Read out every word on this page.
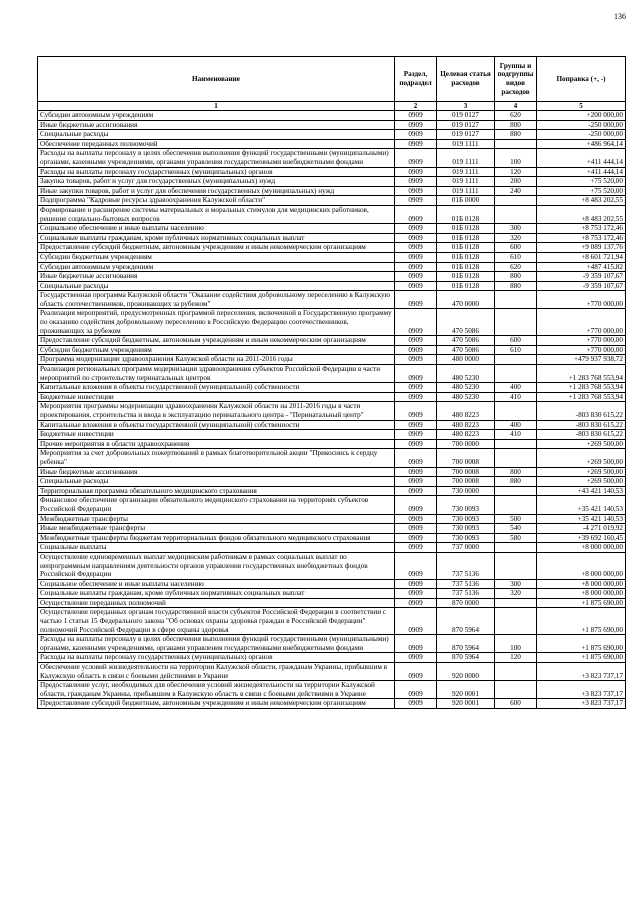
136
Наименование	Раздел, подраздел	Целевая статья расходов	Группы и подгруппы видов расходов	Поправка (+, -)
1	2	3	4	5
Субсидии автономным учреждениям	0909	019 0127	620	+200 000,00
Иные бюджетные ассигнования	0909	019 0127	800	-250 000,00
Специальные расходы	0909	019 0127	880	-250 000,00
Обеспечение переданных полномочий	0909	019 1111		+486 964,14
Расходы на выплаты персоналу в целях обеспечения выполнения функций государственными (муниципальными) органами, казенными учреждениями, органами управления государственными внебюджетными фондами	0909	019 1111	100	+411 444,14
Расходы на выплаты персоналу государственных (муниципальных) органов	0909	019 1111	120	+411 444,14
Закупка товаров, работ и услуг для государственных (муниципальных) нужд	0909	019 1111	200	+75 520,00
Иные закупки товаров, работ и услуг для обеспечения государственных (муниципальных) нужд	0909	019 1111	240	+75 520,00
Подпрограмма "Кадровые ресурсы здравоохранения Калужской области"	0909	01Б 0000		+8 483 202,55
Формирование и расширение системы материальных и моральных стимулов для медицинских работников, решение социально-бытовых вопросов	0909	01Б 0128		+8 483 202,55
Социальное обеспечение и иные выплаты населению	0909	01Б 0128	300	+8 753 172,46
Социальные выплаты гражданам, кроме публичных нормативных социальных выплат	0909	01Б 0128	320	+8 753 172,46
Предоставление субсидий бюджетным, автономным учреждениям и иным некоммерческим организациям	0909	01Б 0128	600	+9 089 137,76
Субсидии бюджетным учреждениям	0909	01Б 0128	610	+8 601 721,94
Субсидии автономным учреждениям	0909	01Б 0128	620	+487 415,82
Иные бюджетные ассигнования	0909	01Б 0128	800	-9 359 107,67
Специальные расходы	0909	01Б 0128	880	-9 359 107,67
Государственная программа Калужской области "Оказание содействия добровольному переселению в Калужскую область соотечественников, проживающих за рубежом"	0909	470 0000		+770 000,00
Реализация мероприятий, предусмотренных программой переселения, включенной в Государственную программу по оказанию содействия добровольному переселению в Российскую Федерацию соотечественников, проживающих за рубежом	0909	470 5086		+770 000,00
Предоставление субсидий бюджетным, автономным учреждениям и иным некоммерческим организациям	0909	470 5086	600	+770 000,00
Субсидии бюджетным учреждениям	0909	470 5086	610	+770 000,00
Программа модернизации здравоохранения Калужской области на 2011-2016 годы	0909	480 0000		+479 937 938,72
Реализация региональных программ модернизации здравоохранения субъектов Российской Федерации в части мероприятий по строительству перинатальных центров	0909	480 5230		+1 283 768 553,94
Капитальные вложения в объекты государственной (муниципальной) собственности	0909	480 5230	400	+1 283 768 553,94
Бюджетные инвестиции	0909	480 5230	410	+1 283 768 553,94
Мероприятия программы модернизации здравоохранения Калужской области на 2011-2016 годы в части проектирования, строительства и ввода в эксплуатацию перинатального центра - "Перинатальный центр"	0909	480 8223		-803 830 615,22
Капитальные вложения в объекты государственной (муниципальной) собственности	0909	480 8223	400	-803 830 615,22
Бюджетные инвестиции	0909	480 8223	410	-803 830 615,22
Прочие мероприятия в области здравоохранения	0909	700 0000		+269 500,00
Мероприятия за счет добровольных пожертвований в рамках благотворительной акции "Прикоснись к сердцу ребенка"	0909	700 0008		+269 500,00
Иные бюджетные ассигнования	0909	700 0008	800	+269 500,00
Специальные расходы	0909	700 0008	880	+269 500,00
Территориальная программа обязательного медицинского страхования	0909	730 0000		+43 421 140,53
Финансовое обеспечение организации обязательного медицинского страхования на территориях субъектов Российской Федерации	0909	730 0093		+35 421 140,53
Межбюджетные трансферты	0909	730 0093	500	+35 421 140,53
Иные межбюджетные трансферты	0909	730 0093	540	-4 271 019,92
Межбюджетные трансферты бюджетам территориальных фондов обязательного медицинского страхования	0909	730 0093	580	+39 692 160,45
Социальные выплаты	0909	737 0000		+8 000 000,00
Осуществление единовременных выплат медицинским работникам в рамках социальных выплат по непрограммным направлениям деятельности органов управления государственных внебюджетных фондов Российской Федерации	0909	737 5136		+8 000 000,00
Социальное обеспечение и иные выплаты населению	0909	737 5136	300	+8 000 000,00
Социальные выплаты гражданам, кроме публичных нормативных социальных выплат	0909	737 5136	320	+8 000 000,00
Осуществление переданных полномочий	0909	870 0000		+1 875 690,00
Осуществление переданных органам государственной власти субъектов Российской Федерации в соответствии с частью 1 статьи 15 Федерального закона "Об основах охраны здоровья граждан в Российской Федерации" полномочий Российской Федерации в сфере охраны здоровья	0909	870 5964		+1 875 690,00
Расходы на выплаты персоналу в целях обеспечения выполнения функций государственными (муниципальными) органами, казенными учреждениями, органами управления государственными внебюджетными фондами	0909	870 5964	100	+1 875 690,00
Расходы на выплаты персоналу государственных (муниципальных) органов	0909	870 5964	120	+1 875 690,00
Обеспечение условий жизнедеятельности на территории Калужской области, гражданам Украины, прибывшим в Калужскую область в связи с боевыми действиями в Украине	0909	920 0000		+3 823 737,17
Предоставление услуг, необходимых для обеспечения условий жизнедеятельности на территории Калужской области, гражданам Украины, прибывшим в Калужскую область в связи с боевыми действиями в Украине	0909	920 0001		+3 823 737,17
Предоставление субсидий бюджетным, автономным учреждениям и иным некоммерческим организациям	0909	920 0001	600	+3 823 737,17
